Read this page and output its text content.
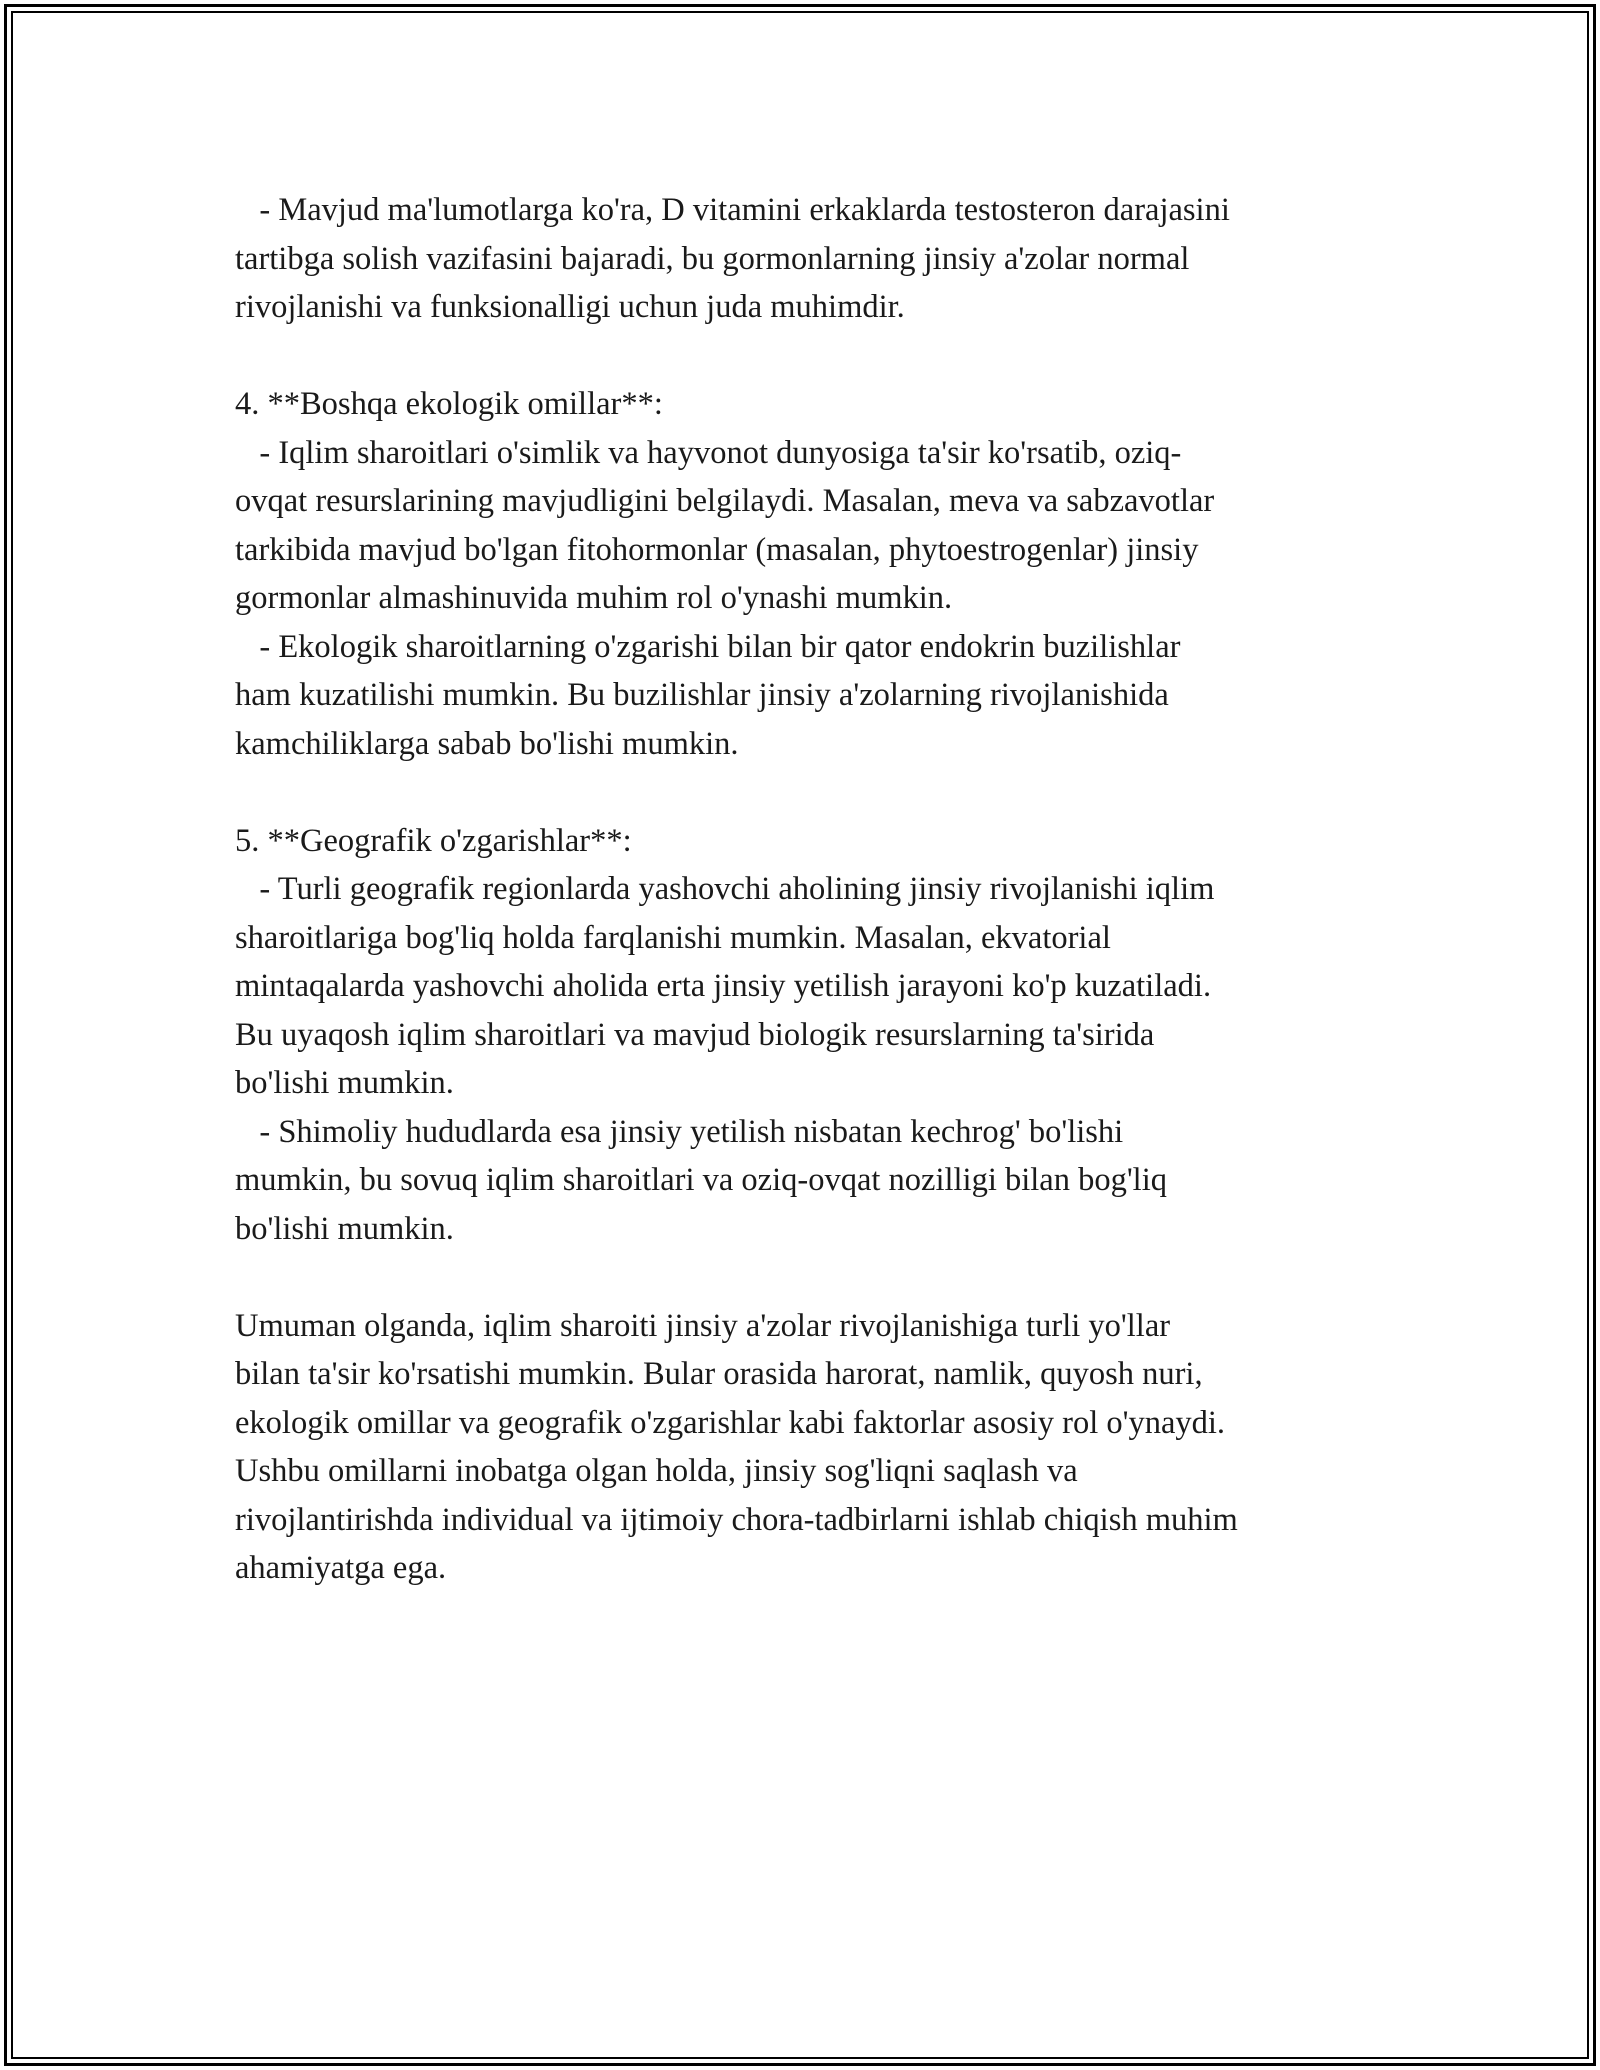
- Mavjud ma'lumotlarga ko'ra, D vitamini erkaklarda testosteron darajasini
tartibga solish vazifasini bajaradi, bu gormonlarning jinsiy a'zolar normal
rivojlanishi va funksionalligi uchun juda muhimdir.
4. **Boshqa ekologik omillar**:
- Iqlim sharoitlari o'simlik va hayvonot dunyosiga ta'sir ko'rsatib, oziq-
ovqat resurslarining mavjudligini belgilaydi. Masalan, meva va sabzavotlar
tarkibida mavjud bo'lgan fitohormonlar (masalan, phytoestrogenlar) jinsiy
gormonlar almashinuvida muhim rol o'ynashi mumkin.
- Ekologik sharoitlarning o'zgarishi bilan bir qator endokrin buzilishlar
ham kuzatilishi mumkin. Bu buzilishlar jinsiy a'zolarning rivojlanishida
kamchiliklarga sabab bo'lishi mumkin.
5. **Geografik o'zgarishlar**:
- Turli geografik regionlarda yashovchi aholining jinsiy rivojlanishi iqlim
sharoitlariga bog'liq holda farqlanishi mumkin. Masalan, ekvatorial
mintaqalarda yashovchi aholida erta jinsiy yetilish jarayoni ko'p kuzatiladi.
Bu uyaqosh iqlim sharoitlari va mavjud biologik resurslarning ta'sirida
bo'lishi mumkin.
- Shimoliy hududlarda esa jinsiy yetilish nisbatan kechrog' bo'lishi
mumkin, bu sovuq iqlim sharoitlari va oziq-ovqat nozilligi bilan bog'liq
bo'lishi mumkin.
Umuman olganda, iqlim sharoiti jinsiy a'zolar rivojlanishiga turli yo'llar
bilan ta'sir ko'rsatishi mumkin. Bular orasida harorat, namlik, quyosh nuri,
ekologik omillar va geografik o'zgarishlar kabi faktorlar asosiy rol o'ynaydi.
Ushbu omillarni inobatga olgan holda, jinsiy sog'liqni saqlash va
rivojlantirishda individual va ijtimoiy chora-tadbirlarni ishlab chiqish muhim
ahamiyatga ega.
